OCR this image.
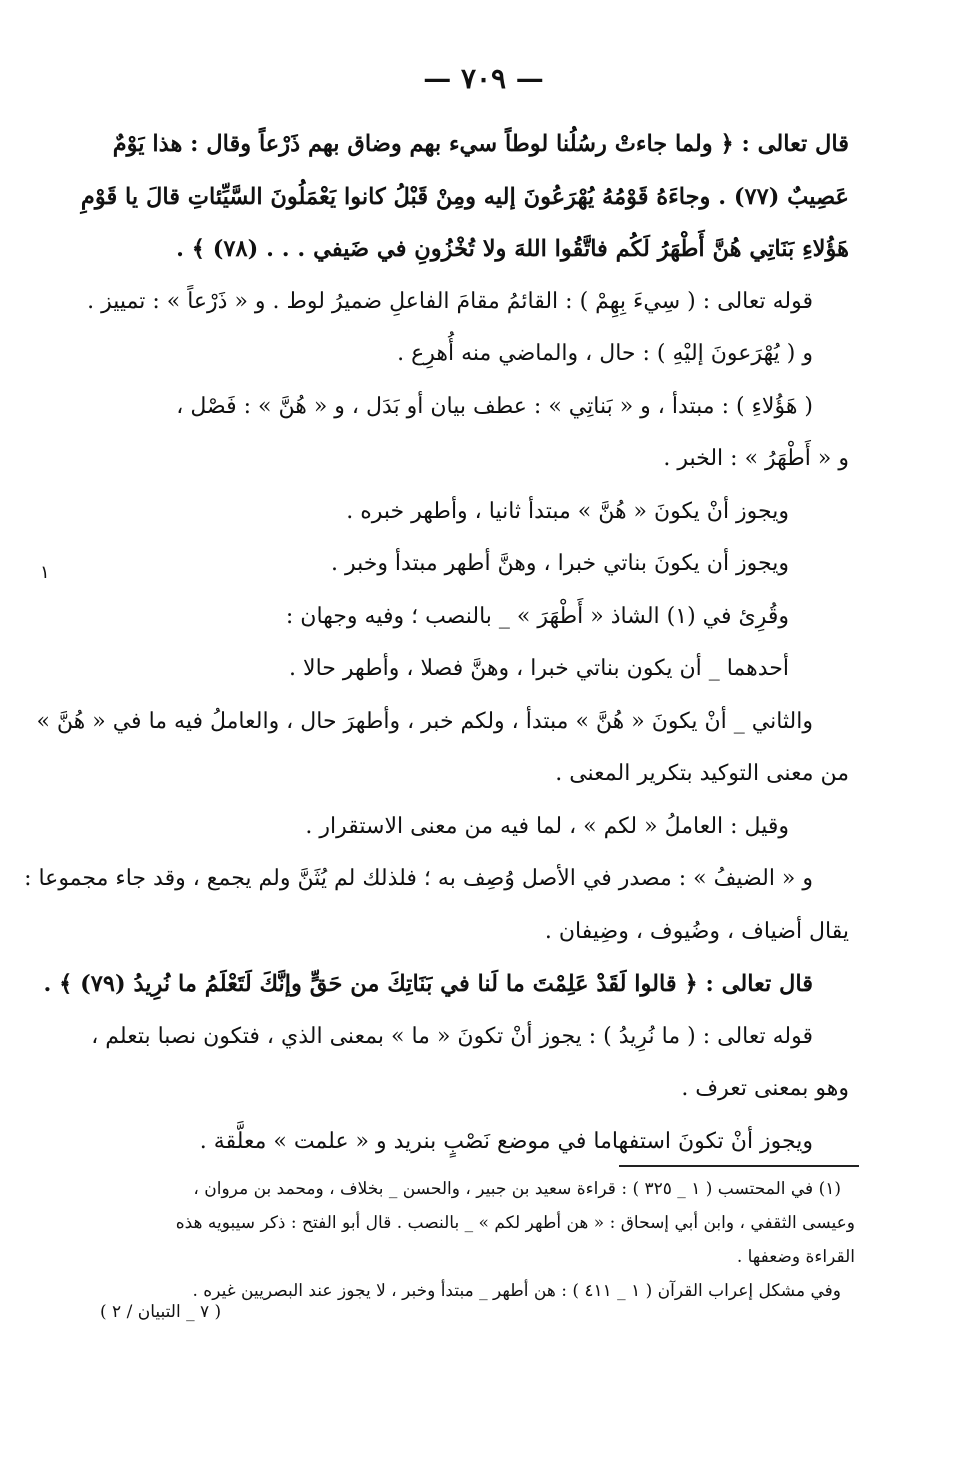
— ٧٠٩ —
١
قال تعالى : ﴿ ولما جاءتْ رسُلُنا لوطاً سيء بهم وضاق بهم ذَرْعاً وقال : هذا يَوْمٌ
عَصِيبٌ (٧٧) . وجاءَهُ قَوْمُهُ يُهْرَعُونَ إليه ومِنْ قَبْلُ كانوا يَعْمَلُونَ السَّيِّئاتِ قالَ يا قَوْمِ
هَؤُلاءِ بَنَاتِي هُنَّ أَطْهَرُ لَكُم فاتَّقُوا اللهَ ولا تُخْزُونِ في ضَيفي . . . (٧٨) ﴾ .
قوله تعالى : ( سِيءَ بِهِمْ ) : القائمُ مقامَ الفاعلِ ضميرُ لوط . و « ذَرْعاً » : تمييز .
و ( يُهْرَعونَ إليْهِ ) : حال ، والماضي منه أُهرِع .
( هَؤُلاءِ ) : مبتدأ ، و « بَناتِي » : عطف بيان أو بَدَل ، و « هُنَّ » : فَصْل ،
و « أَطْهَرُ » : الخبر .
ويجوز أنْ يكونَ « هُنَّ » مبتدأ ثانيا ، وأطهر خبره .
ويجوز أن يكونَ بناتي خبرا ، وهنَّ أطهر مبتدأ وخبر .
وقُرِئ في (١) الشاذ « أَطْهَرَ » _ بالنصب ؛ وفيه وجهان :
أحدهما _ أن يكون بناتي خبرا ، وهنَّ فصلا ، وأطهر حالا .
والثاني _ أنْ يكونَ « هُنَّ » مبتدأ ، ولكم خبر ، وأطهرَ حال ، والعاملُ فيه ما في « هُنَّ »
من معنى التوكيد بتكرير المعنى .
وقيل : العاملُ « لكم » ، لما فيه من معنى الاستقرار .
و « الضيفُ » : مصدر في الأصل وُصِف به ؛ فلذلك لم يُثَنَّ ولم يجمع ، وقد جاء مجموعا :
يقال أضياف ، وضُيوف ، وضِيفان .
قال تعالى : ﴿ قالوا لَقَدْ عَلِمْتَ ما لَنا في بَنَاتِكَ من حَقٍّ وإنَّكَ لَتَعْلَمُ ما نُرِيدُ (٧٩) ﴾ .
قوله تعالى : ( ما نُرِيدُ ) : يجوز أنْ تكونَ « ما » بمعنى الذي ، فتكون نصبا بتعلم ،
وهو بمعنى تعرف .
ويجوز أنْ تكونَ استفهاما في موضع نَصْبٍ بنريد و « علمت » معلَّقة .
(١) في المحتسب ( ١ _ ٣٢٥ ) : قراءة سعيد بن جبير ، والحسن _ بخلاف ، ومحمد بن مروان ،
وعيسى الثقفي ، وابن أبي إسحاق : « هن أطهر لكم » _ بالنصب . قال أبو الفتح : ذكر سيبويه هذه
القراءة وضعفها .
وفي مشكل إعراب القرآن ( ١ _ ٤١١ ) : هن أطهر _ مبتدأ وخبر ، لا يجوز عند البصريين غيره .
( ٧ _ التبيان / ٢ )
